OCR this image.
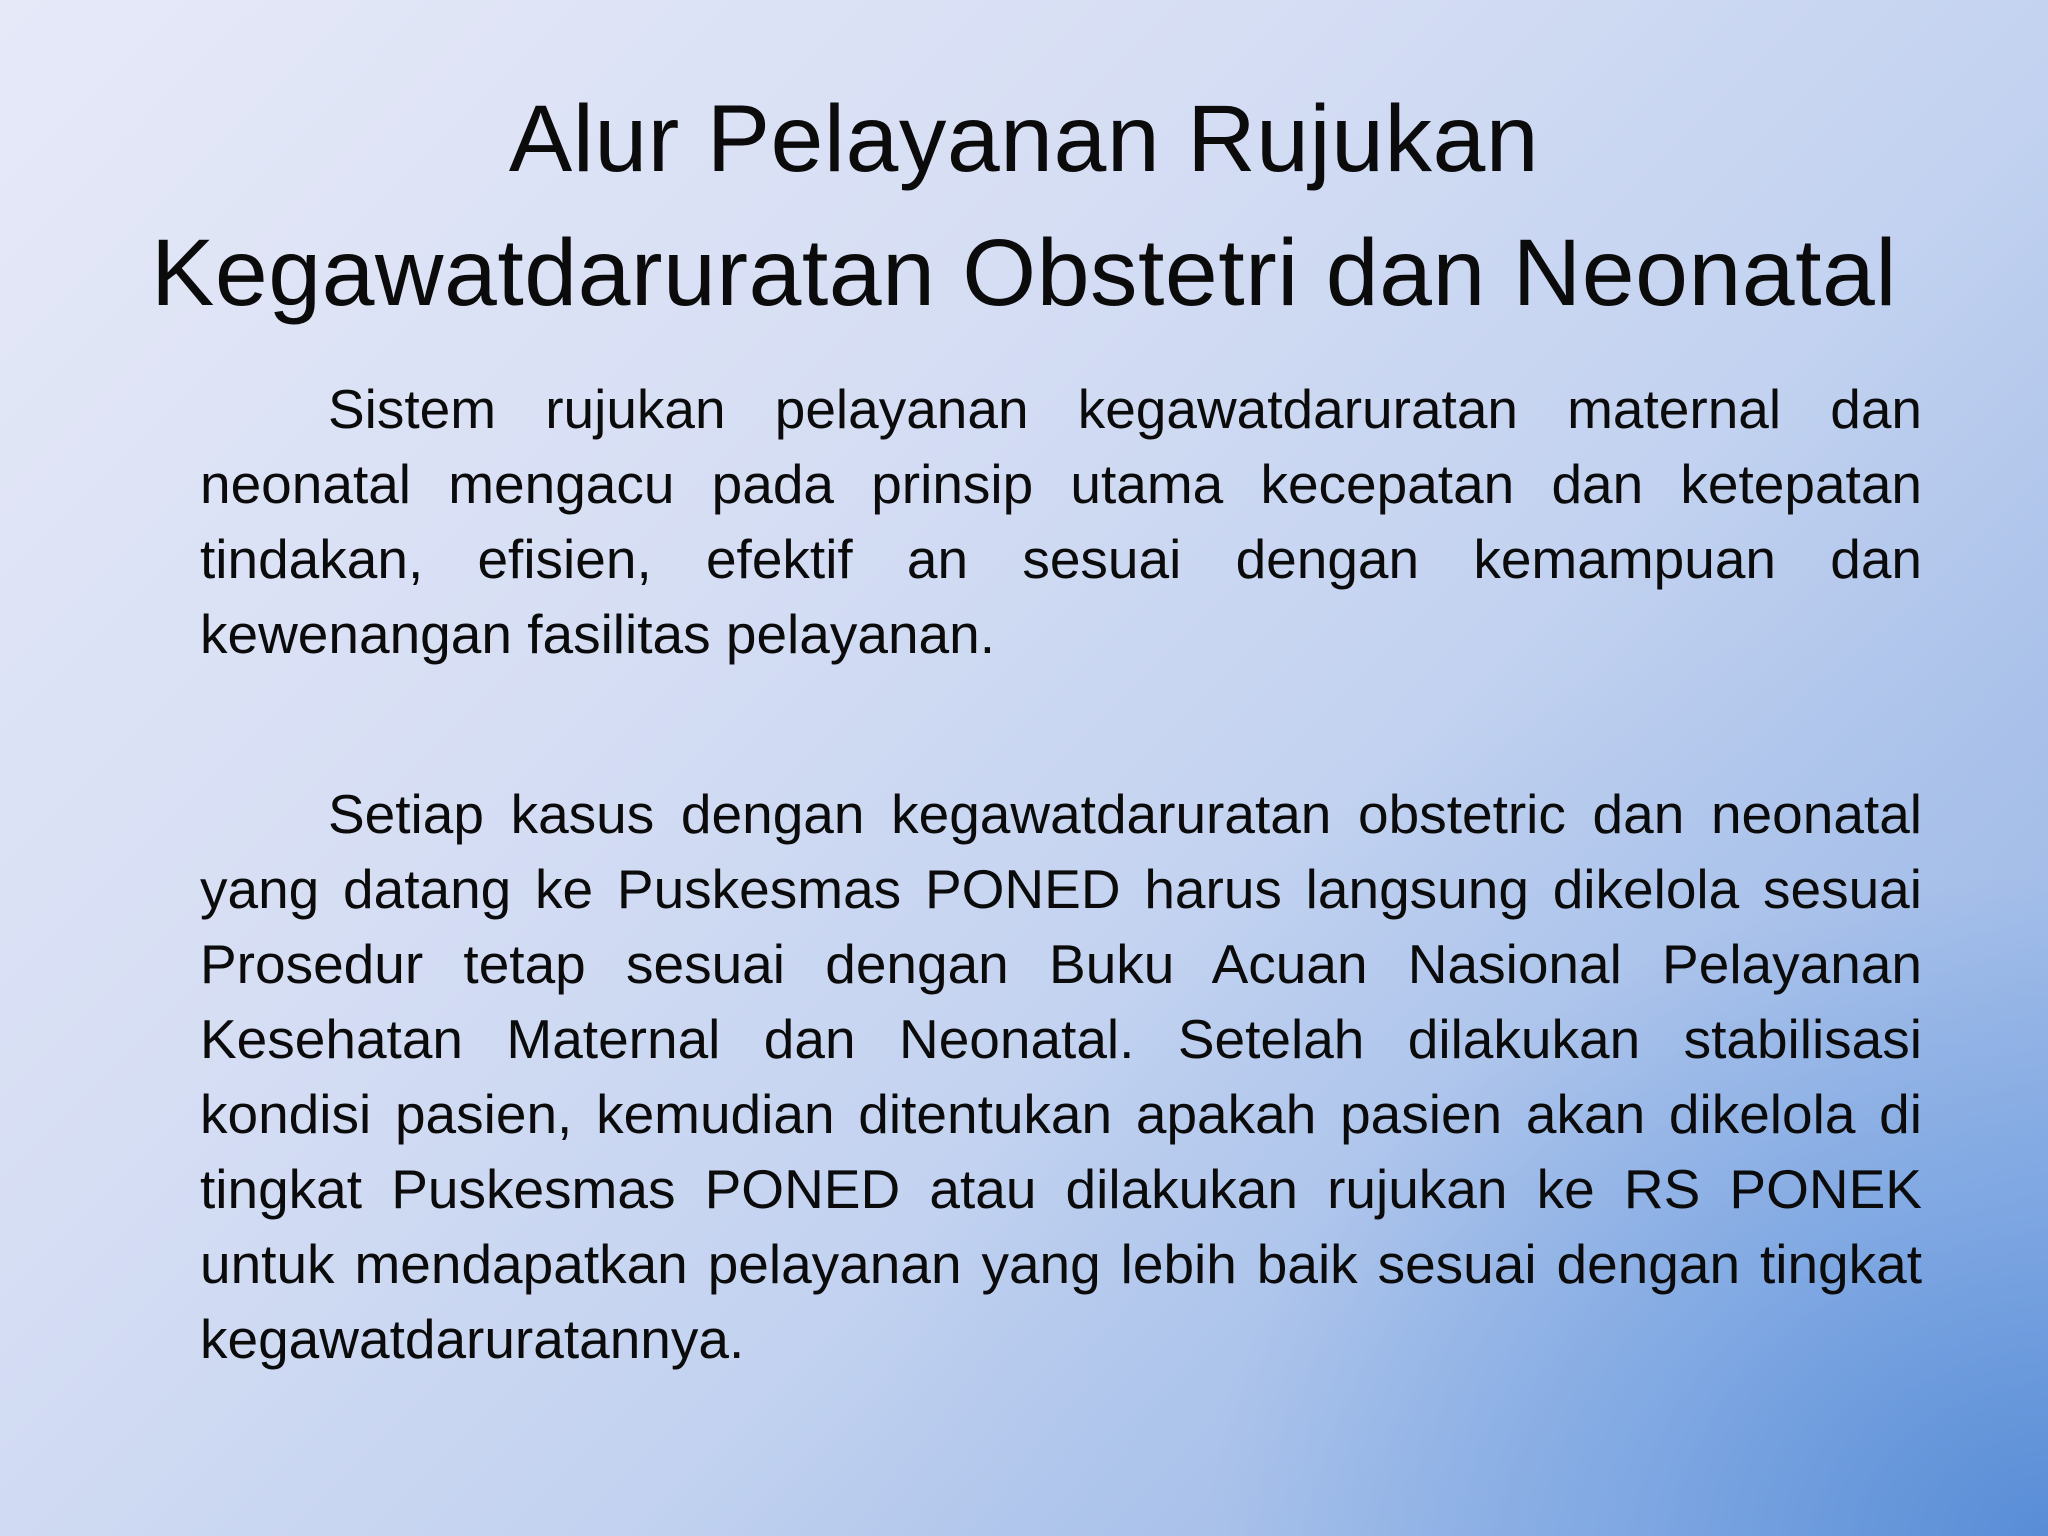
Alur Pelayanan Rujukan
Kegawatdaruratan Obstetri dan Neonatal

Sistem rujukan pelayanan kegawatdaruratan maternal dan neonatal mengacu pada prinsip utama kecepatan dan ketepatan tindakan, efisien, efektif an sesuai dengan kemampuan dan kewenangan fasilitas pelayanan.

Setiap kasus dengan kegawatdaruratan obstetric dan neonatal yang datang ke Puskesmas PONED harus langsung dikelola sesuai Prosedur tetap sesuai dengan Buku Acuan Nasional Pelayanan Kesehatan Maternal dan Neonatal. Setelah dilakukan stabilisasi kondisi pasien, kemudian ditentukan apakah pasien akan dikelola di tingkat Puskesmas PONED atau dilakukan rujukan ke RS PONEK untuk mendapatkan pelayanan yang lebih baik sesuai dengan tingkat kegawatdaruratannya.
